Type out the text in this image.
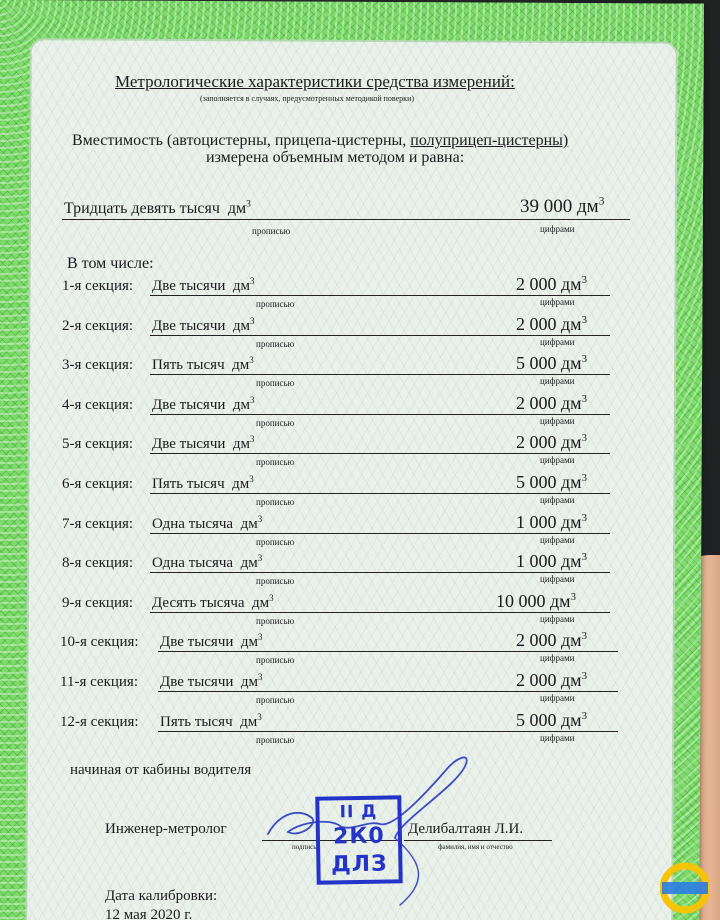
Метрологические характеристики средства измерений:
(заполняется в случаях, предусмотренных методикой поверки)
Вместимость (автоцистерны, прицепа-цистерны, полуприцеп-цистерны)
измерена объемным методом и равна:
Тридцать девять тысяч $дм^3$	39 000 $дм^3$
прописью	цифрами
В том числе:
1-я секция: Две тысячи $дм^3$	2 000 $дм^3$
прописью	цифрами
2-я секция: Две тысячи $дм^3$	2 000 $дм^3$
прописью	цифрами
3-я секция: Пять тысяч $дм^3$	5 000 $дм^3$
прописью	цифрами
4-я секция: Две тысячи $дм^3$	2 000 $дм^3$
прописью	цифрами
5-я секция: Две тысячи $дм^3$	2 000 $дм^3$
прописью	цифрами
6-я секция: Пять тысяч $дм^3$	5 000 $дм^3$
прописью	цифрами
7-я секция: Одна тысяча $дм^3$	1 000 $дм^3$
прописью	цифрами
8-я секция: Одна тысяча $дм^3$	1 000 $дм^3$
прописью	цифрами
9-я секция: Десять тысяча $дм^3$	10 000 $дм^3$
прописью	цифрами
10-я секция: Две тысячи $дм^3$	2 000 $дм^3$
прописью	цифрами
11-я секция: Две тысячи $дм^3$	2 000 $дм^3$
прописью	цифрами
12-я секция: Пять тысяч $дм^3$	5 000 $дм^3$
прописью	цифрами
начиная от кабины водителя
Инженер-метролог
подпись
Делибалтаян Л.И.
фамилия, имя и отчество
II Д
2К0
ДЛЗ
Дата калибровки:
12 мая 2020 г.
